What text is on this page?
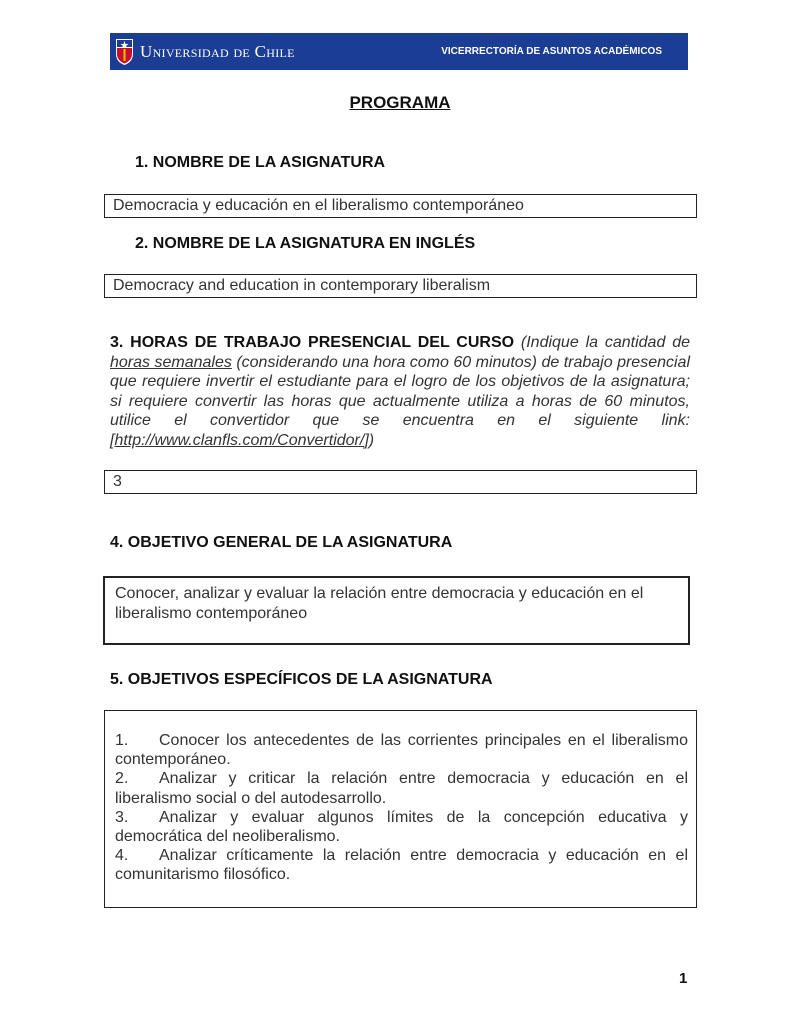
Universidad de Chile	VICERRECTORÍA DE ASUNTOS ACADÉMICOS
PROGRAMA
1. NOMBRE DE LA ASIGNATURA
Democracia y educación en el liberalismo contemporáneo
2. NOMBRE DE LA ASIGNATURA EN INGLÉS
Democracy and education in contemporary liberalism
3. HORAS DE TRABAJO PRESENCIAL DEL CURSO (Indique la cantidad de horas semanales (considerando una hora como 60 minutos) de trabajo presencial que requiere invertir el estudiante para el logro de los objetivos de la asignatura; si requiere convertir las horas que actualmente utiliza a horas de 60 minutos, utilice el convertidor que se encuentra en el siguiente link: [http://www.clanfls.com/Convertidor/])
3
4. OBJETIVO GENERAL DE LA ASIGNATURA
Conocer, analizar y evaluar la relación entre democracia y educación en el liberalismo contemporáneo
5. OBJETIVOS ESPECÍFICOS DE LA ASIGNATURA
1. Conocer los antecedentes de las corrientes principales en el liberalismo contemporáneo.
2. Analizar y criticar la relación entre democracia y educación en el liberalismo social o del autodesarrollo.
3. Analizar y evaluar algunos límites de la concepción educativa y democrática del neoliberalismo.
4. Analizar críticamente la relación entre democracia y educación en el comunitarismo filosófico.
1
